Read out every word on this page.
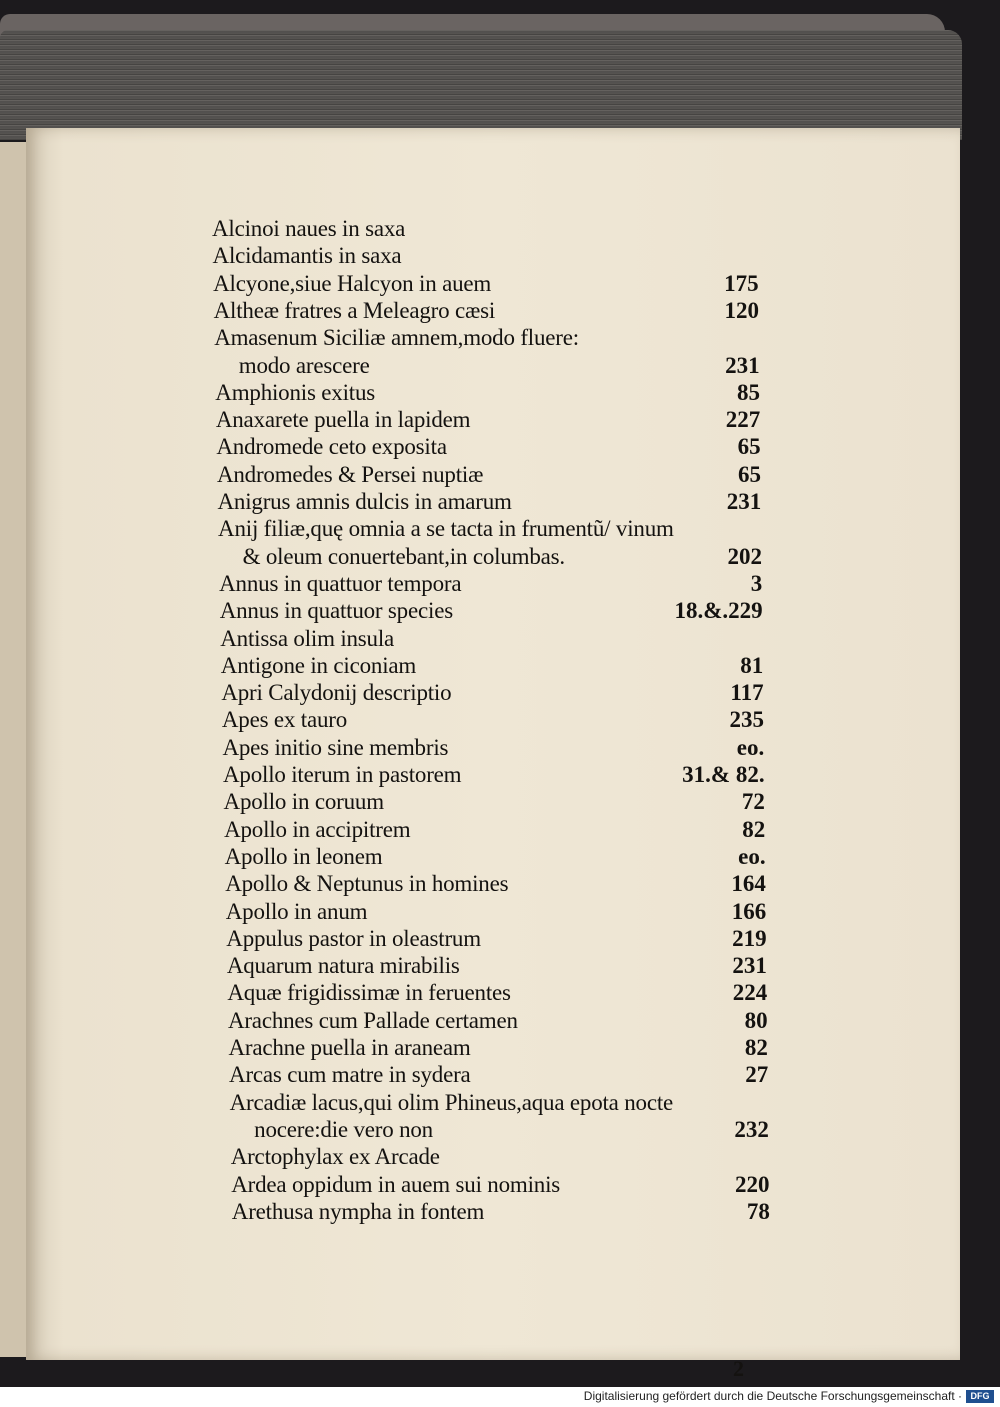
Alcinoi naues in saxa
Alcidamantis in saxa
Alcyone,siue Halcyon in auem	175
Altheæ fratres a Meleagro cæsi	120
Amasenum Siciliæ amnem,modo fluere:
modo arescere	231
Amphionis exitus	85
Anaxarete puella in lapidem	227
Andromede ceto exposita	65
Andromedes & Persei nuptiæ	65
Anigrus amnis dulcis in amarum	231
Anij filiæ,quę omnia a se tacta in frumentũ/ vinum
& oleum conuertebant,in columbas.	202
Annus in quattuor tempora	3
Annus in quattuor species	18.&.229
Antissa olim insula
Antigone in ciconiam	81
Apri Calydonij descriptio	117
Apes ex tauro	235
Apes initio sine membris	eo.
Apollo iterum in pastorem	31.& 82.
Apollo in coruum	72
Apollo in accipitrem	82
Apollo in leonem	eo.
Apollo & Neptunus in homines	164
Apollo in anum	166
Appulus pastor in oleastrum	219
Aquarum natura mirabilis	231
Aquæ frigidissimæ in feruentes	224
Arachnes cum Pallade certamen	80
Arachne puella in araneam	82
Arcas cum matre in sydera	27
Arcadiæ lacus,qui olim Phineus,aqua epota nocte
nocere:die vero non	232
Arctophylax ex Arcade
Ardea oppidum in auem sui nominis	220
Arethusa nympha in fontem	78
2
Digitalisierung gefördert durch die Deutsche Forschungsgemeinschaft · DFG
